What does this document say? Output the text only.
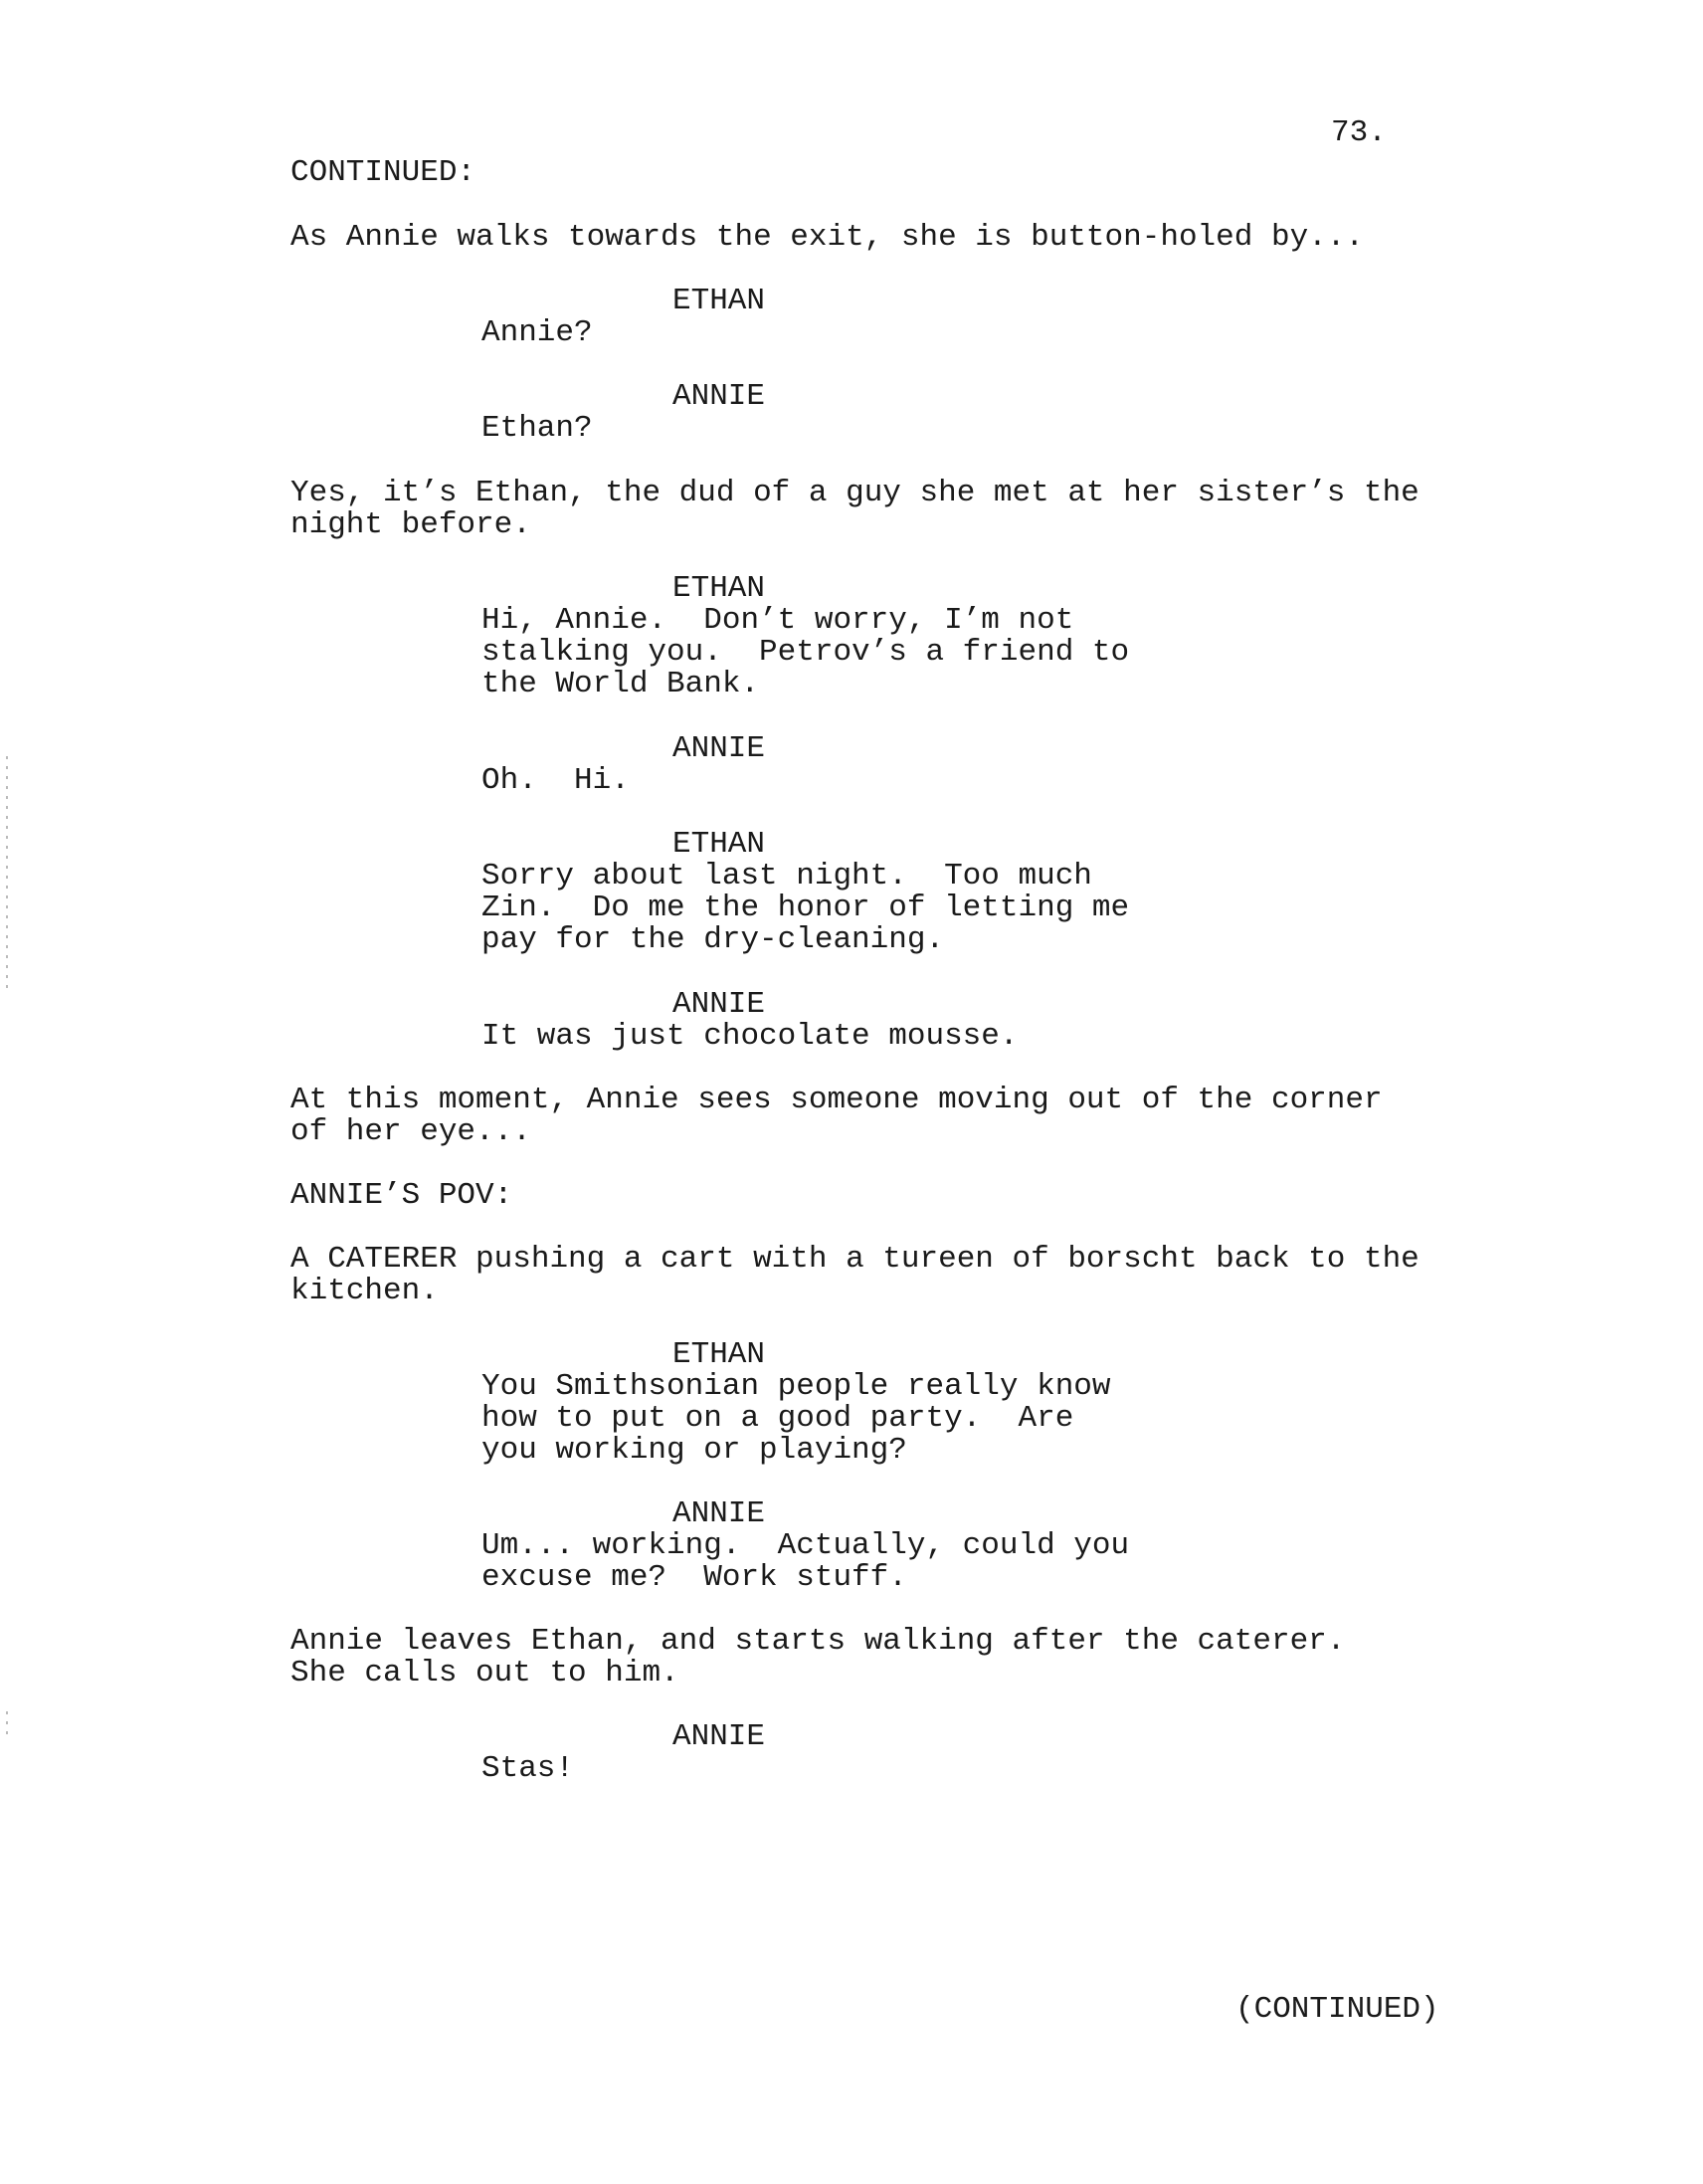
73.
CONTINUED:
As Annie walks towards the exit, she is button-holed by...
ETHAN
Annie?
ANNIE
Ethan?
Yes, it’s Ethan, the dud of a guy she met at her sister’s the
night before.
ETHAN
Hi, Annie.  Don’t worry, I’m not
stalking you.  Petrov’s a friend to
the World Bank.
ANNIE
Oh.  Hi.
ETHAN
Sorry about last night.  Too much
Zin.  Do me the honor of letting me
pay for the dry-cleaning.
ANNIE
It was just chocolate mousse.
At this moment, Annie sees someone moving out of the corner
of her eye...
ANNIE’S POV:
A CATERER pushing a cart with a tureen of borscht back to the
kitchen.
ETHAN
You Smithsonian people really know
how to put on a good party.  Are
you working or playing?
ANNIE
Um... working.  Actually, could you
excuse me?  Work stuff.
Annie leaves Ethan, and starts walking after the caterer.
She calls out to him.
ANNIE
Stas!
(CONTINUED)
